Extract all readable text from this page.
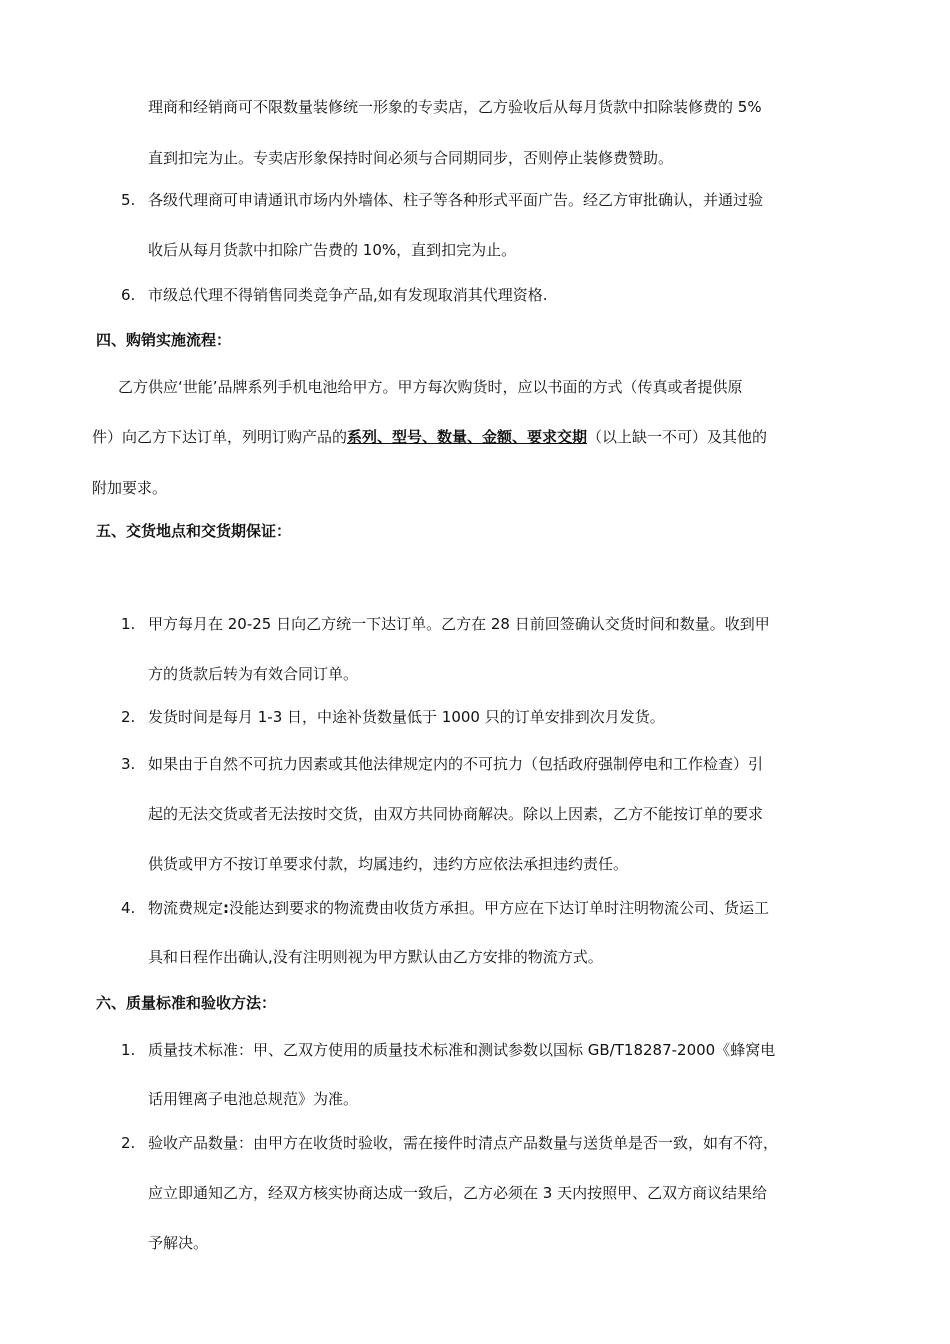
理商和经销商可不限数量装修统一形象的专卖店，乙方验收后从每月货款中扣除装修费的 5%
直到扣完为止。专卖店形象保持时间必须与合同期同步，否则停止装修费赞助。
5. 各级代理商可申请通讯市场内外墙体、柱子等各种形式平面广告。经乙方审批确认，并通过验
收后从每月货款中扣除广告费的 10%，直到扣完为止。
6. 市级总代理不得销售同类竞争产品,如有发现取消其代理资格.
四、购销实施流程：
乙方供应‘世能’品牌系列手机电池给甲方。甲方每次购货时，应以书面的方式（传真或者提供原
件）向乙方下达订单，列明订购产品的系列、型号、数量、金额、要求交期（以上缺一不可）及其他的
附加要求。
五、交货地点和交货期保证：
1. 甲方每月在 20-25 日向乙方统一下达订单。乙方在 28 日前回签确认交货时间和数量。收到甲
方的货款后转为有效合同订单。
2. 发货时间是每月 1-3 日，中途补货数量低于 1000 只的订单安排到次月发货。
3. 如果由于自然不可抗力因素或其他法律规定内的不可抗力（包括政府强制停电和工作检查）引
起的无法交货或者无法按时交货，由双方共同协商解决。除以上因素，乙方不能按订单的要求
供货或甲方不按订单要求付款，均属违约，违约方应依法承担违约责任。
4. 物流费规定:没能达到要求的物流费由收货方承担。甲方应在下达订单时注明物流公司、货运工
具和日程作出确认,没有注明则视为甲方默认由乙方安排的物流方式。
六、质量标准和验收方法：
1. 质量技术标准：甲、乙双方使用的质量技术标准和测试参数以国标 GB/T18287-2000《蜂窝电
话用锂离子电池总规范》为准。
2. 验收产品数量：由甲方在收货时验收，需在接件时清点产品数量与送货单是否一致，如有不符，
应立即通知乙方，经双方核实协商达成一致后，乙方必须在 3 天内按照甲、乙双方商议结果给
予解决。
